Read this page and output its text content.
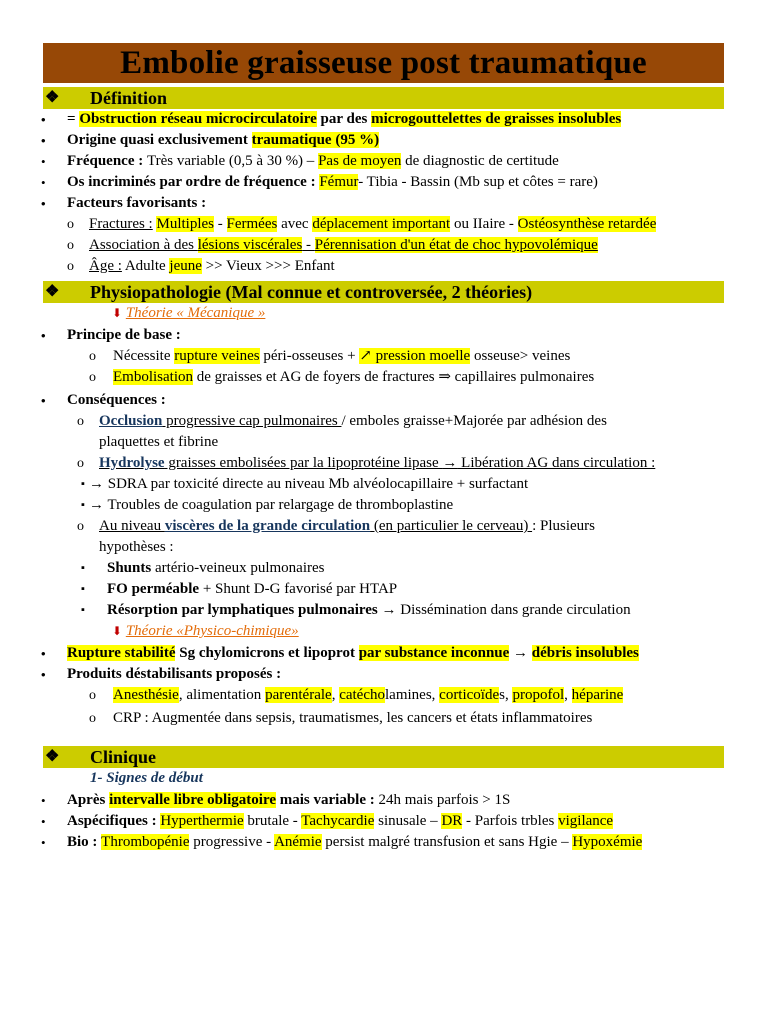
Embolie graisseuse post traumatique
❖ Définition
• = Obstruction réseau microcirculatoire par des microgouttelettes de graisses insolubles
• Origine quasi exclusivement traumatique (95 %)
• Fréquence : Très variable (0,5 à 30 %) – Pas de moyen de diagnostic de certitude
• Os incriminés par ordre de fréquence : Fémur- Tibia - Bassin (Mb sup et côtes = rare)
• Facteurs favorisants :
o Fractures : Multiples - Fermées avec déplacement important ou IIaire - Ostéosynthèse retardée
o Association à des lésions viscérales - Pérennisation d'un état de choc hypovolémique
o Âge : Adulte jeune >> Vieux >>> Enfant
❖ Physiopathologie (Mal connue et controversée, 2 théories)
⬇ Théorie « Mécanique »
• Principe de base :
o Nécessite rupture veines péri-osseuses + ↗ pression moelle osseuse> veines
o Embolisation de graisses et AG de foyers de fractures ⇒ capillaires pulmonaires
• Conséquences :
o Occlusion progressive cap pulmonaires / emboles graisse+Majorée par adhésion des
plaquettes et fibrine
o Hydrolyse graisses embolisées par la lipoprotéine lipase → Libération AG dans circulation :
▪ → SDRA par toxicité directe au niveau Mb alvéolocapillaire + surfactant
▪ → Troubles de coagulation par relargage de thromboplastine
o Au niveau viscères de la grande circulation (en particulier le cerveau) : Plusieurs
hypothèses :
▪ Shunts artério-veineux pulmonaires
▪ FO perméable + Shunt D-G favorisé par HTAP
▪ Résorption par lymphatiques pulmonaires → Dissémination dans grande circulation
⬇ Théorie «Physico-chimique»
• Rupture stabilité Sg chylomicrons et lipoprot par substance inconnue → débris insolubles
• Produits déstabilisants proposés :
o Anesthésie, alimentation parentérale, catécholamines, corticoïdes, propofol, héparine
o CRP : Augmentée dans sepsis, traumatismes, les cancers et états inflammatoires
❖ Clinique
1- Signes de début
• Après intervalle libre obligatoire mais variable : 24h mais parfois > 1S
• Aspécifiques : Hyperthermie brutale - Tachycardie sinusale – DR - Parfois trbles vigilance
• Bio : Thrombopénie progressive - Anémie persist malgré transfusion et sans Hgie – Hypoxémie
